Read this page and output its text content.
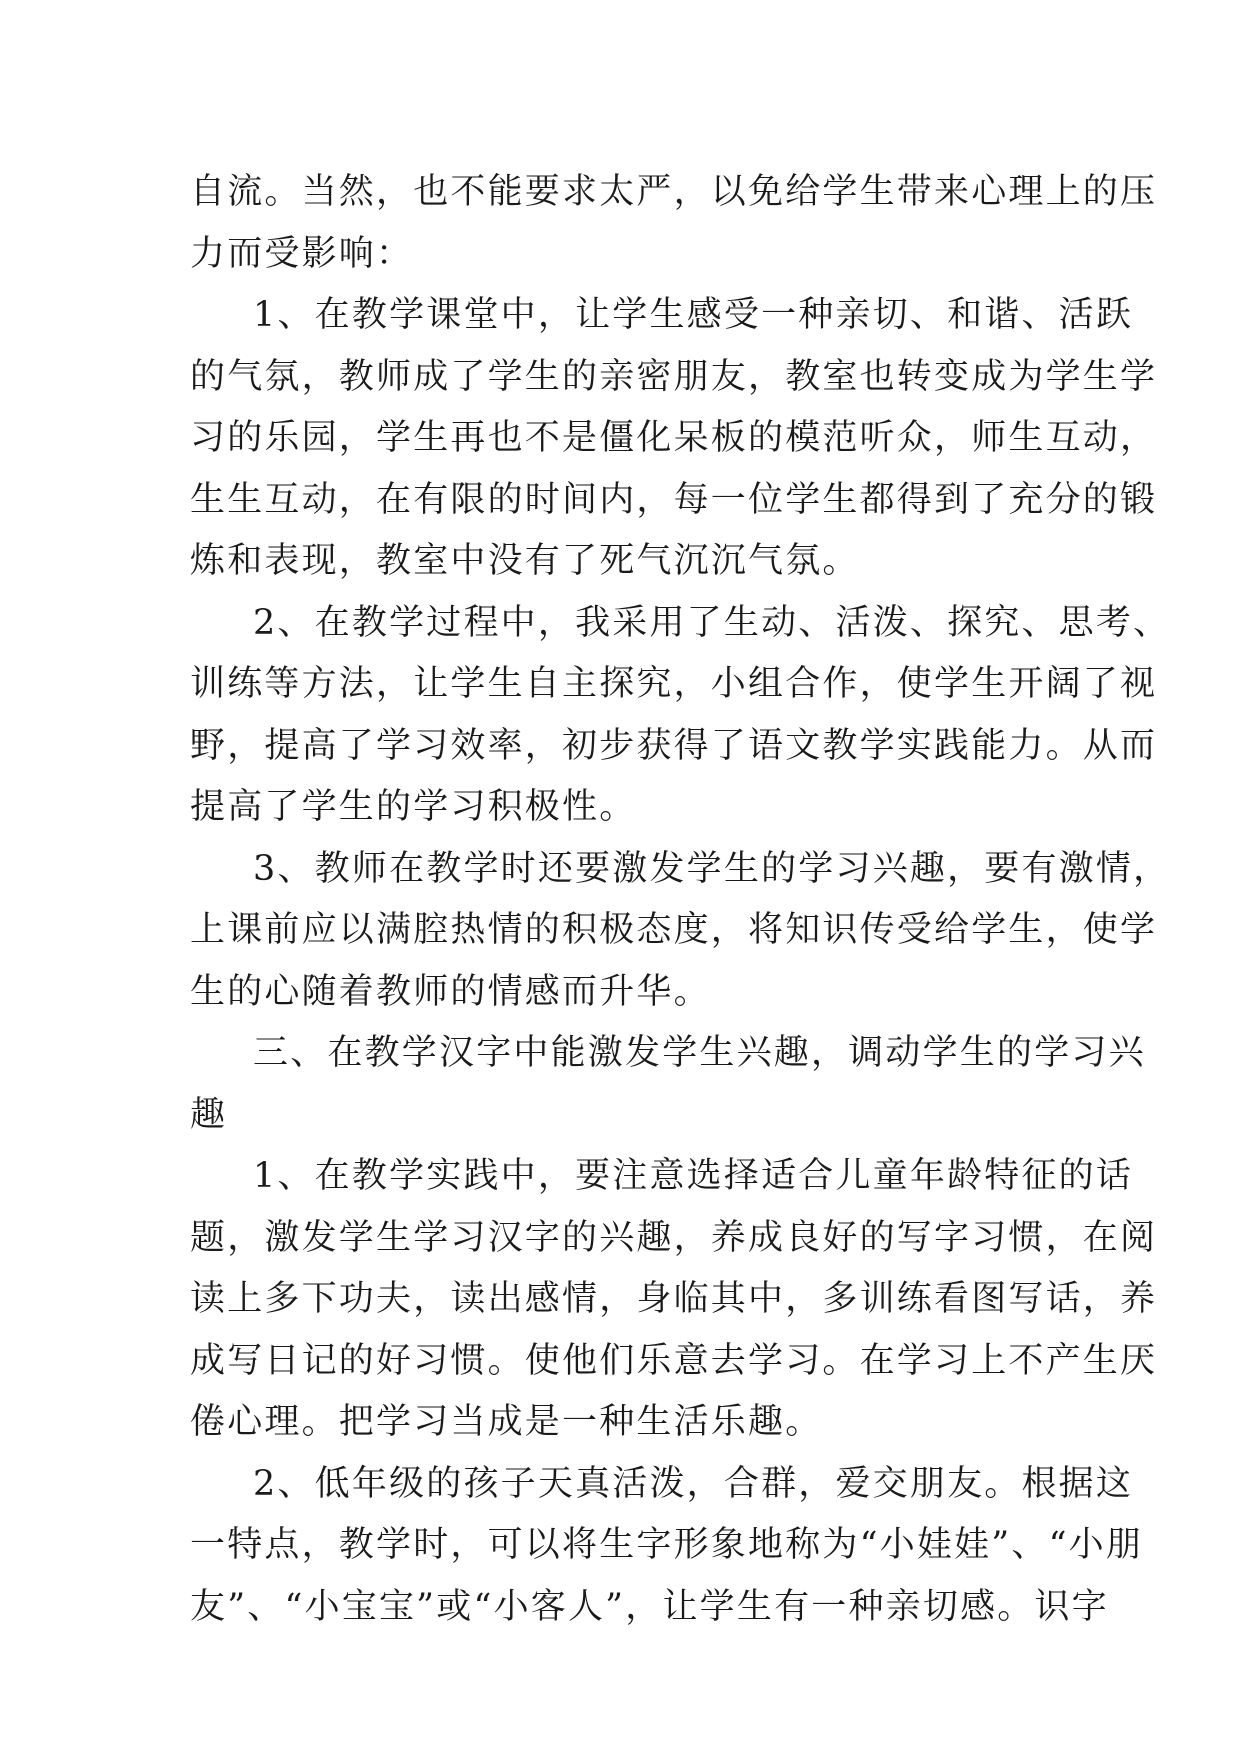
自流。当然，也不能要求太严，以免给学生带来心理上的压
力而受影响：

1、在教学课堂中，让学生感受一种亲切、和谐、活跃
的气氛，教师成了学生的亲密朋友，教室也转变成为学生学
习的乐园，学生再也不是僵化呆板的模范听众，师生互动，
生生互动，在有限的时间内，每一位学生都得到了充分的锻
炼和表现，教室中没有了死气沉沉气氛。

2、在教学过程中，我采用了生动、活泼、探究、思考、
训练等方法，让学生自主探究，小组合作，使学生开阔了视
野，提高了学习效率，初步获得了语文教学实践能力。从而
提高了学生的学习积极性。

3、教师在教学时还要激发学生的学习兴趣，要有激情，
上课前应以满腔热情的积极态度，将知识传受给学生，使学
生的心随着教师的情感而升华。

三、在教学汉字中能激发学生兴趣，调动学生的学习兴
趣

1、在教学实践中，要注意选择适合儿童年龄特征的话
题，激发学生学习汉字的兴趣，养成良好的写字习惯，在阅
读上多下功夫，读出感情，身临其中，多训练看图写话，养
成写日记的好习惯。使他们乐意去学习。在学习上不产生厌
倦心理。把学习当成是一种生活乐趣。

2、低年级的孩子天真活泼，合群，爱交朋友。根据这
一特点，教学时，可以将生字形象地称为“小娃娃”、“小朋
友”、“小宝宝”或“小客人”，让学生有一种亲切感。识字
